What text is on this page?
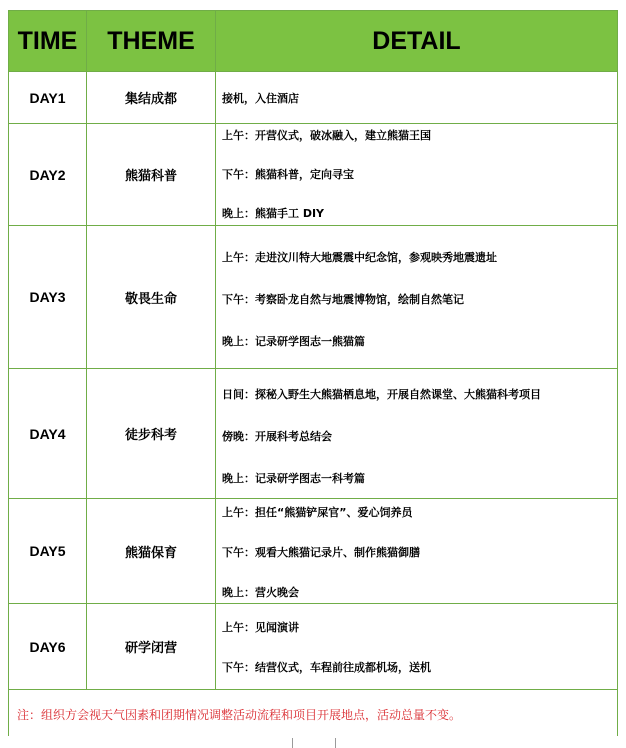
TIME	THEME	DETAIL
DAY1	集结成都	接机，入住酒店

DAY2	熊猫科普	上午：开营仪式，破冰融入，建立熊猫王国
下午：熊猫科普，定向寻宝
晚上：熊猫手工 DIY

DAY3	敬畏生命	上午：走进汶川特大地震震中纪念馆，参观映秀地震遗址
下午：考察卧龙自然与地震博物馆，绘制自然笔记
晚上：记录研学图志一熊猫篇

DAY4	徒步科考	日间：探秘入野生大熊猫栖息地，开展自然课堂、大熊猫科考项目
傍晚：开展科考总结会
晚上：记录研学图志一科考篇

DAY5	熊猫保育	上午：担任“熊猫铲屎官”、爱心饲养员
下午：观看大熊猫记录片、制作熊猫御膳
晚上：营火晚会

DAY6	研学闭营	上午：见闻演讲
下午：结营仪式，车程前往成都机场，送机

注：组织方会视天气因素和团期情况调整活动流程和项目开展地点，活动总量不变。		
